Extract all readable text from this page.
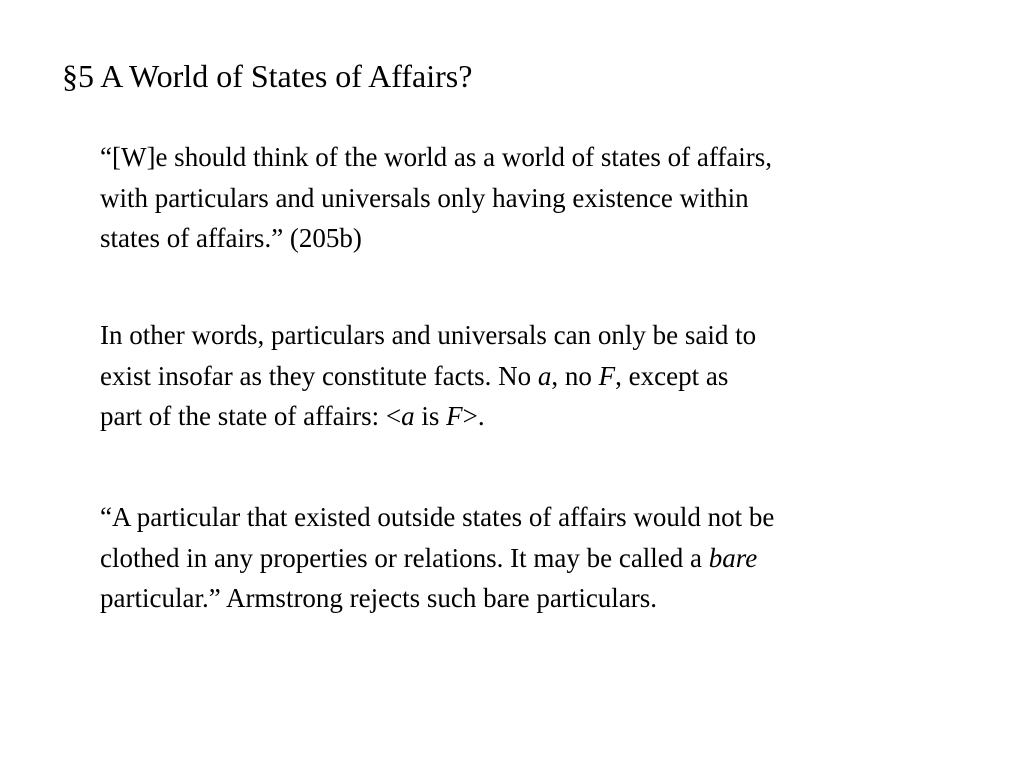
§5 A World of States of Affairs?

“[W]e should think of the world as a world of states of affairs,
with particulars and universals only having existence within
states of affairs.” (205b)

In other words, particulars and universals can only be said to
exist insofar as they constitute facts. No a, no F, except as
part of the state of affairs: <a is F>.

“A particular that existed outside states of affairs would not be
clothed in any properties or relations. It may be called a bare
particular.” Armstrong rejects such bare particulars.
